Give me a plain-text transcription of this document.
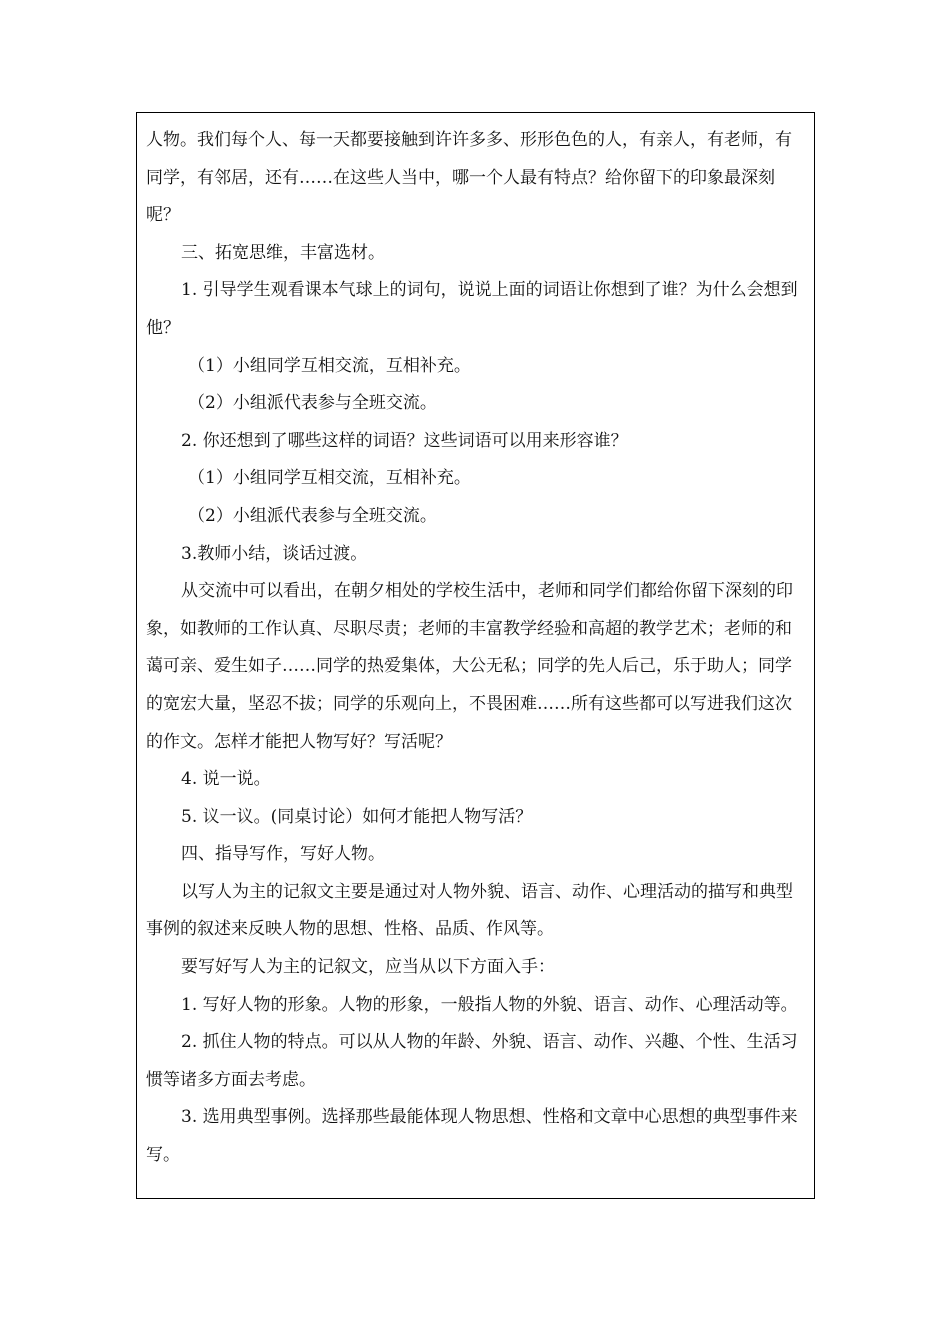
人物。我们每个人、每一天都要接触到许许多多、形形色色的人，有亲人，有老师，有同学，有邻居，还有……在这些人当中，哪一个人最有特点？给你留下的印象最深刻呢？

三、拓宽思维，丰富选材。

1. 引导学生观看课本气球上的词句，说说上面的词语让你想到了谁？为什么会想到他？

（1）小组同学互相交流，互相补充。

（2）小组派代表参与全班交流。

2. 你还想到了哪些这样的词语？这些词语可以用来形容谁？

（1）小组同学互相交流，互相补充。

（2）小组派代表参与全班交流。

3.教师小结，谈话过渡。

从交流中可以看出，在朝夕相处的学校生活中，老师和同学们都给你留下深刻的印象，如教师的工作认真、尽职尽责；老师的丰富教学经验和高超的教学艺术；老师的和蔼可亲、爱生如子……同学的热爱集体，大公无私；同学的先人后己，乐于助人；同学的宽宏大量，坚忍不拔；同学的乐观向上，不畏困难……所有这些都可以写进我们这次的作文。怎样才能把人物写好？写活呢？

4. 说一说。

5. 议一议。(同桌讨论）如何才能把人物写活？

四、指导写作，写好人物。

以写人为主的记叙文主要是通过对人物外貌、语言、动作、心理活动的描写和典型事例的叙述来反映人物的思想、性格、品质、作风等。

要写好写人为主的记叙文，应当从以下方面入手：

1. 写好人物的形象。人物的形象，一般指人物的外貌、语言、动作、心理活动等。

2. 抓住人物的特点。可以从人物的年龄、外貌、语言、动作、兴趣、个性、生活习惯等诸多方面去考虑。

3. 选用典型事例。选择那些最能体现人物思想、性格和文章中心思想的典型事件来写。
